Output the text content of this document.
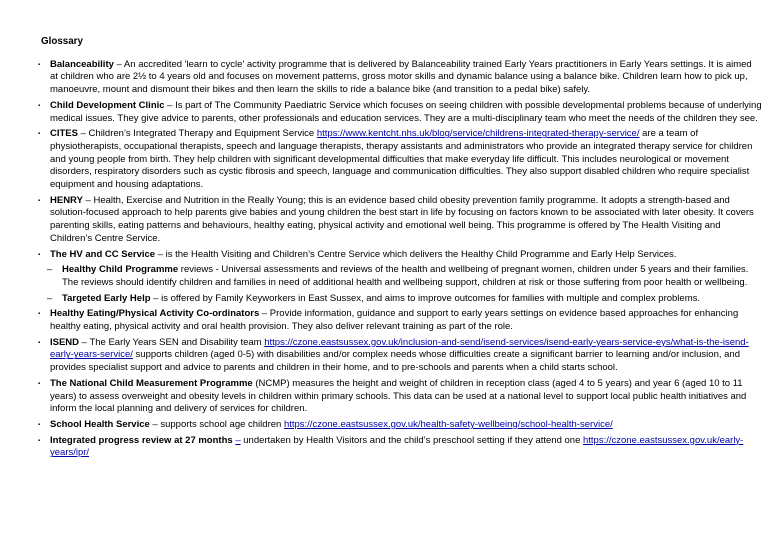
Glossary

▪	Balanceability – An accredited 'learn to cycle' activity programme that is delivered by Balanceability trained Early Years practitioners in Early Years settings. It is aimed at children who are 2½ to 4 years old and focuses on movement patterns, gross motor skills and dynamic balance using a balance bike. Children learn how to pick up, manoeuvre, mount and dismount their bikes and then learn the skills to ride a balance bike (and transition to a pedal bike) safely.
▪	Child Development Clinic – Is part of The Community Paediatric Service which focuses on seeing children with possible developmental problems because of underlying medical issues. They give advice to parents, other professionals and education services. They are a multi-disciplinary team who meet the needs of the children they see.
▪	CITES – Children’s Integrated Therapy and Equipment Service https://www.kentcht.nhs.uk/blog/service/childrens-integrated-therapy-service/ are a team of physiotherapists, occupational therapists, speech and language therapists, therapy assistants and administrators who provide an integrated therapy service for children and young people from birth. They help children with significant developmental difficulties that make everyday life difficult. This includes neurological or movement disorders, respiratory disorders such as cystic fibrosis and speech, language and communication difficulties. They also support disabled children who require specialist equipment and housing adaptations.
▪	HENRY – Health, Exercise and Nutrition in the Really Young; this is an evidence based child obesity prevention family programme. It adopts a strength-based and solution-focused approach to help parents give babies and young children the best start in life by focusing on factors known to be associated with later obesity. It covers parenting skills, eating patterns and behaviours, healthy eating, physical activity and emotional well being. This programme is offered by The Health Visiting and Children’s Centre Service.
▪	The HV and CC Service – is the Health Visiting and Children’s Centre Service which delivers the Healthy Child Programme and Early Help Services.
–	Healthy Child Programme reviews - Universal assessments and reviews of the health and wellbeing of pregnant women, children under 5 years and their families. The reviews should identify children and families in need of additional health and wellbeing support, children at risk or those suffering from poor health or wellbeing.
–	Targeted Early Help – is offered by Family Keyworkers in East Sussex, and aims to improve outcomes for families with multiple and complex problems.
▪	Healthy Eating/Physical Activity Co-ordinators – Provide information, guidance and support to early years settings on evidence based approaches for enhancing healthy eating, physical activity and oral health provision. They also deliver relevant training as part of the role.
▪	ISEND – The Early Years SEN and Disability team https://czone.eastsussex.gov.uk/inclusion-and-send/isend-services/isend-early-years-service-eys/what-is-the-isend-early-years-service/ supports children (aged 0-5) with disabilities and/or complex needs whose difficulties create a significant barrier to learning and/or inclusion, and provides specialist support and advice to parents and children in their home, and to pre-schools and parents when a child starts school.
▪	The National Child Measurement Programme (NCMP) measures the height and weight of children in reception class (aged 4 to 5 years) and year 6 (aged 10 to 11 years) to assess overweight and obesity levels in children within primary schools. This data can be used at a national level to support local public health initiatives and inform the local planning and delivery of services for children.
▪	School Health Service – supports school age children https://czone.eastsussex.gov.uk/health-safety-wellbeing/school-health-service/
▪	Integrated progress review at 27 months – undertaken by Health Visitors and the child’s preschool setting if they attend one https://czone.eastsussex.gov.uk/early-years/ipr/
